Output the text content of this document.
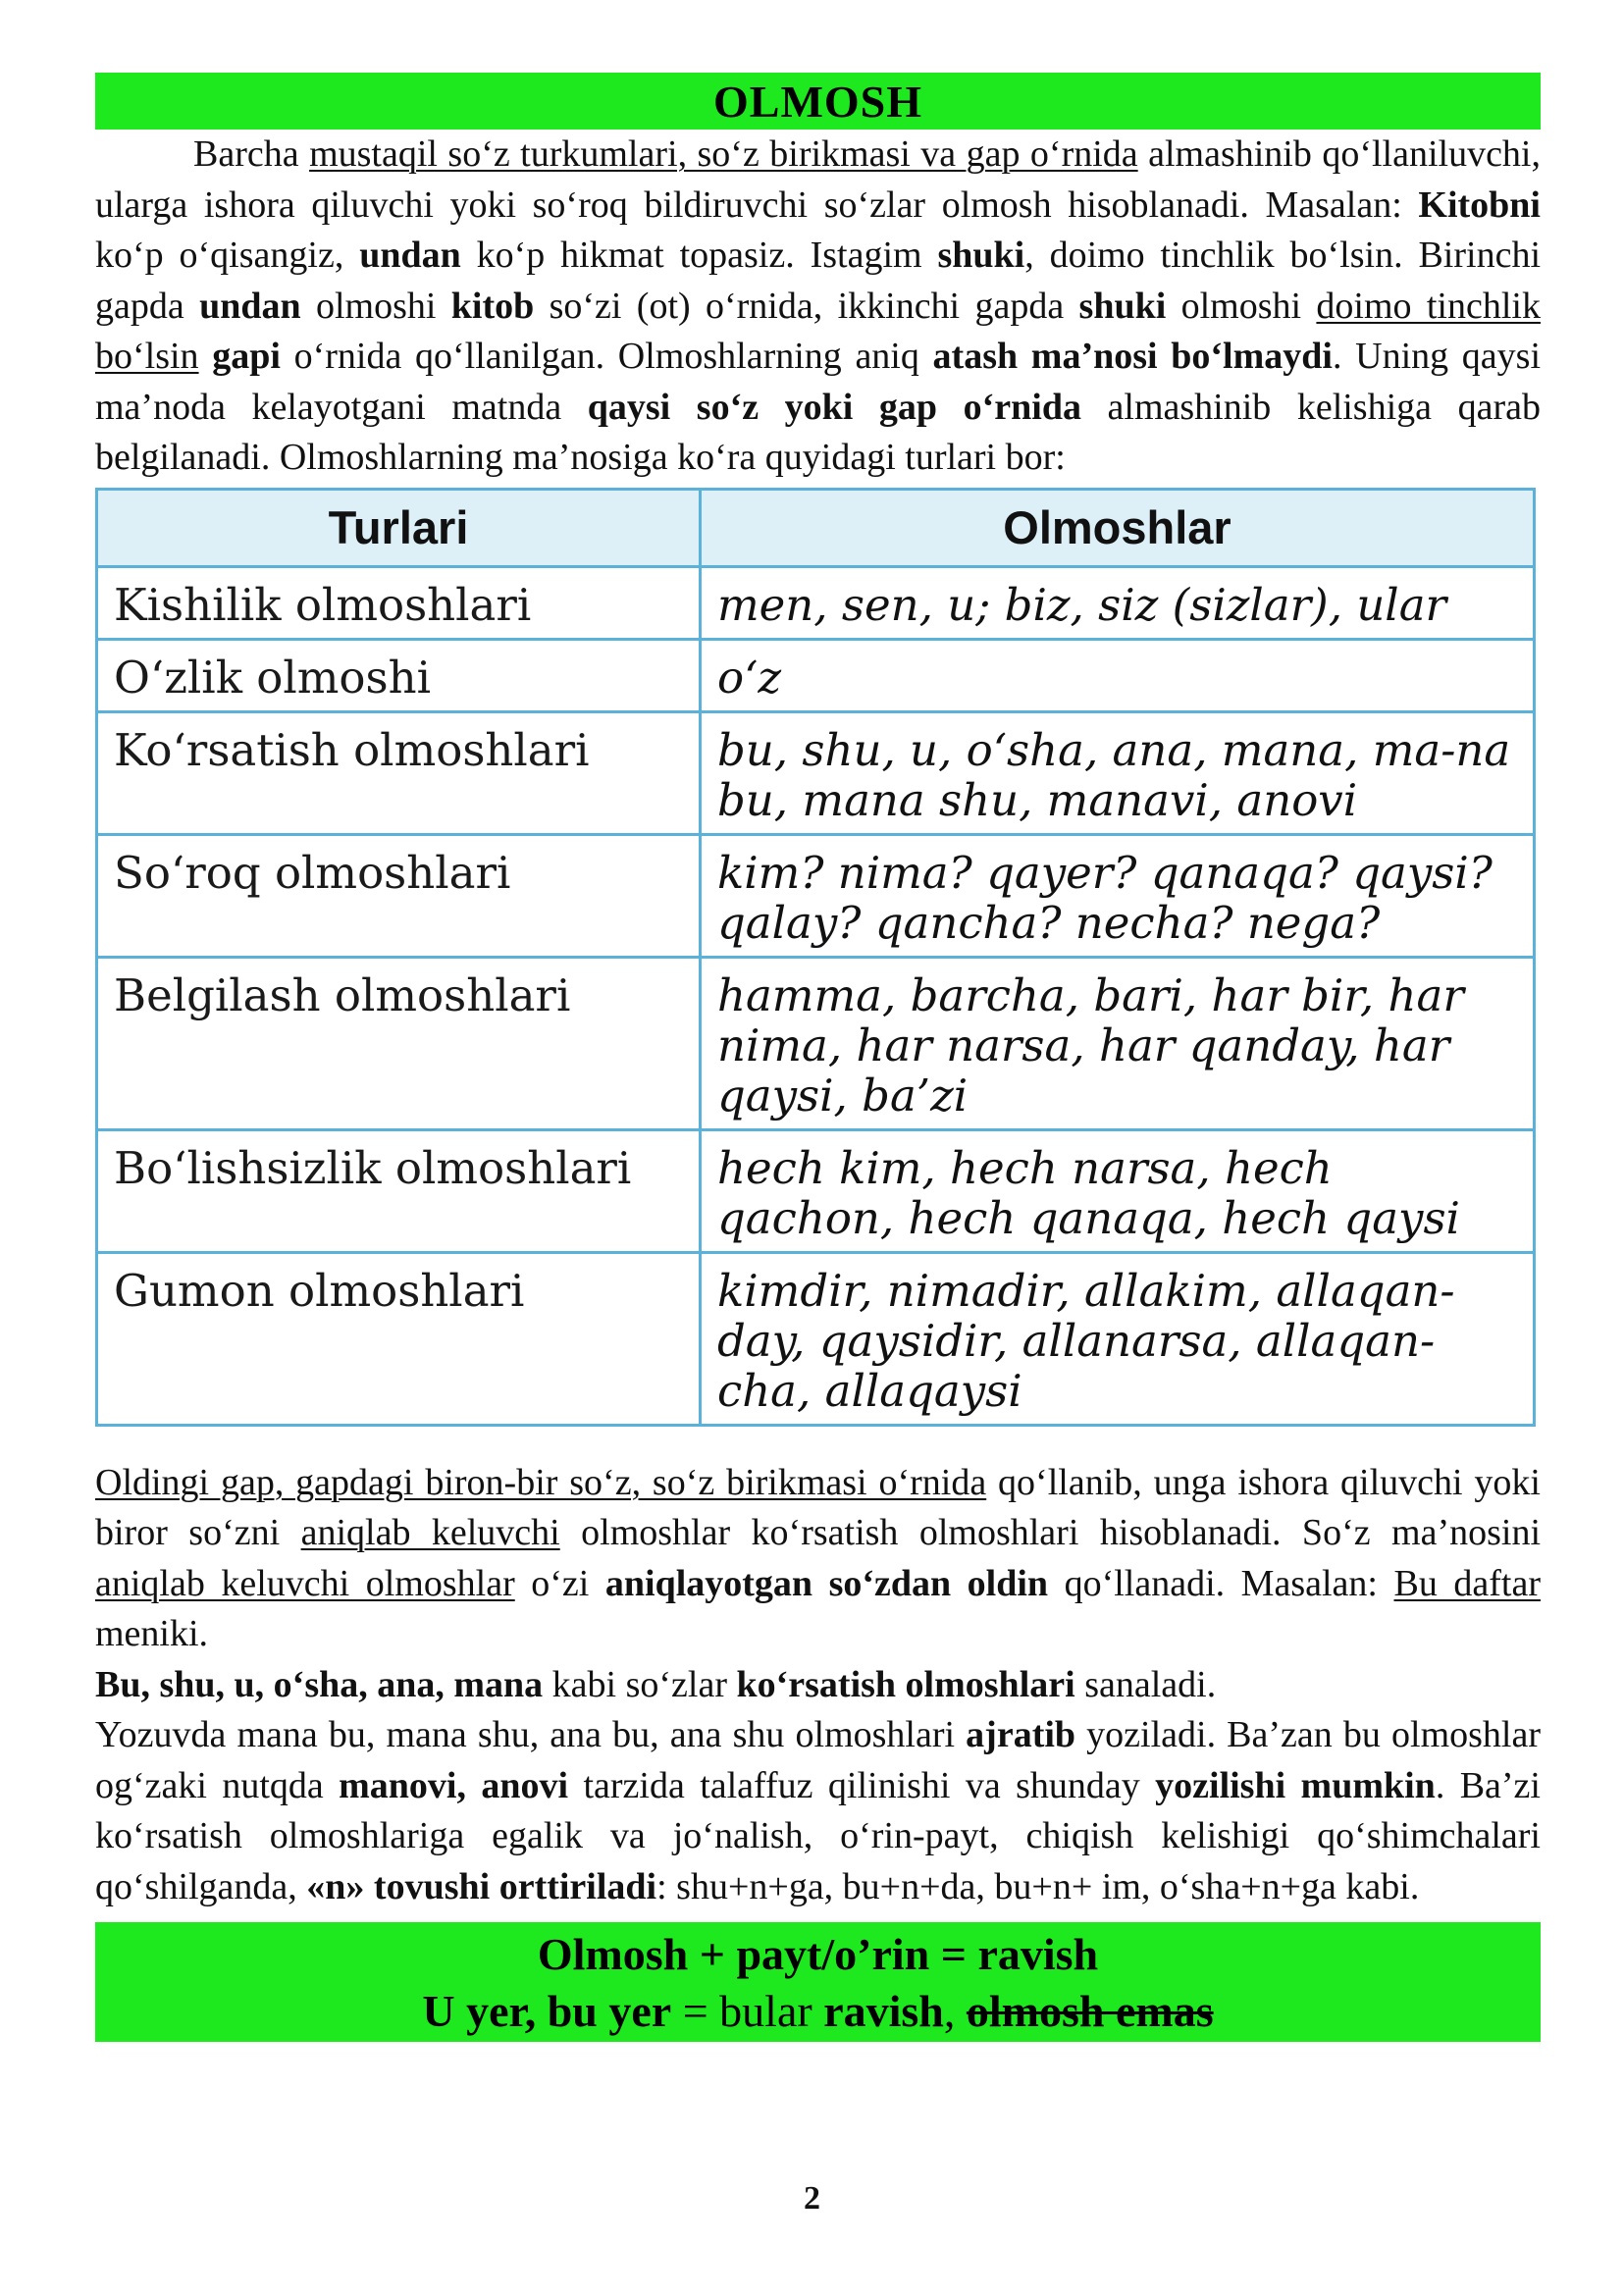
OLMOSH

Barcha mustaqil so‘z turkumlari, so‘z birikmasi va gap o‘rnida almashinib qo‘llaniluvchi, ularga ishora qiluvchi yoki so‘roq bildiruvchi so‘zlar olmosh hisoblanadi. Masalan: Kitobni ko‘p o‘qisangiz, undan ko‘p hikmat topasiz. Istagim shuki, doimo tinchlik bo‘lsin. Birinchi gapda undan olmoshi kitob so‘zi (ot) o‘rnida, ikkinchi gapda shuki olmoshi doimo tinchlik bo‘lsin gapi o‘rnida qo‘llanilgan. Olmoshlarning aniq atash ma’nosi bo‘lmaydi. Uning qaysi ma’noda kelayotgani matnda qaysi so‘z yoki gap o‘rnida almashinib kelishiga qarab belgilanadi. Olmoshlarning ma’nosiga ko‘ra quyidagi turlari bor:

Turlari	Olmoshlar
Kishilik olmoshlari	men, sen, u; biz, siz (sizlar), ular
O‘zlik olmoshi	o‘z
Ko‘rsatish olmoshlari	bu, shu, u, o‘sha, ana, mana, ma-na bu, mana shu, manavi, anovi
So‘roq olmoshlari	kim? nima? qayer? qanaqa? qaysi? qalay? qancha? necha? nega?
Belgilash olmoshlari	hamma, barcha, bari, har bir, har nima, har narsa, har qanday, har qaysi, ba’zi
Bo‘lishsizlik olmoshlari	hech kim, hech narsa, hech qachon, hech qanaqa, hech qaysi
Gumon olmoshlari	kimdir, nimadir, allakim, allaqan-day, qaysidir, allanarsa, allaqan-cha, allaqaysi

Oldingi gap, gapdagi biron-bir so‘z, so‘z birikmasi o‘rnida qo‘llanib, unga ishora qiluvchi yoki biror so‘zni aniqlab keluvchi olmoshlar ko‘rsatish olmoshlari hisoblanadi. So‘z ma’nosini aniqlab keluvchi olmoshlar o‘zi aniqlayotgan so‘zdan oldin qo‘llanadi. Masalan: Bu daftar meniki.

Bu, shu, u, o‘sha, ana, mana kabi so‘zlar ko‘rsatish olmoshlari sanaladi.

Yozuvda mana bu, mana shu, ana bu, ana shu olmoshlari ajratib yoziladi. Ba’zan bu olmoshlar og‘zaki nutqda manovi, anovi tarzida talaffuz qilinishi va shunday yozilishi mumkin. Ba’zi ko‘rsatish olmoshlariga egalik va jo‘nalish, o‘rin-payt, chiqish kelishigi qo‘shimchalari qo‘shilganda, «n» tovushi orttiriladi: shu+n+ga, bu+n+da, bu+n+ im, o‘sha+n+ga kabi.

Olmosh + payt/o’rin = ravish
U yer, bu yer = bular ravish, olmosh emas
2
